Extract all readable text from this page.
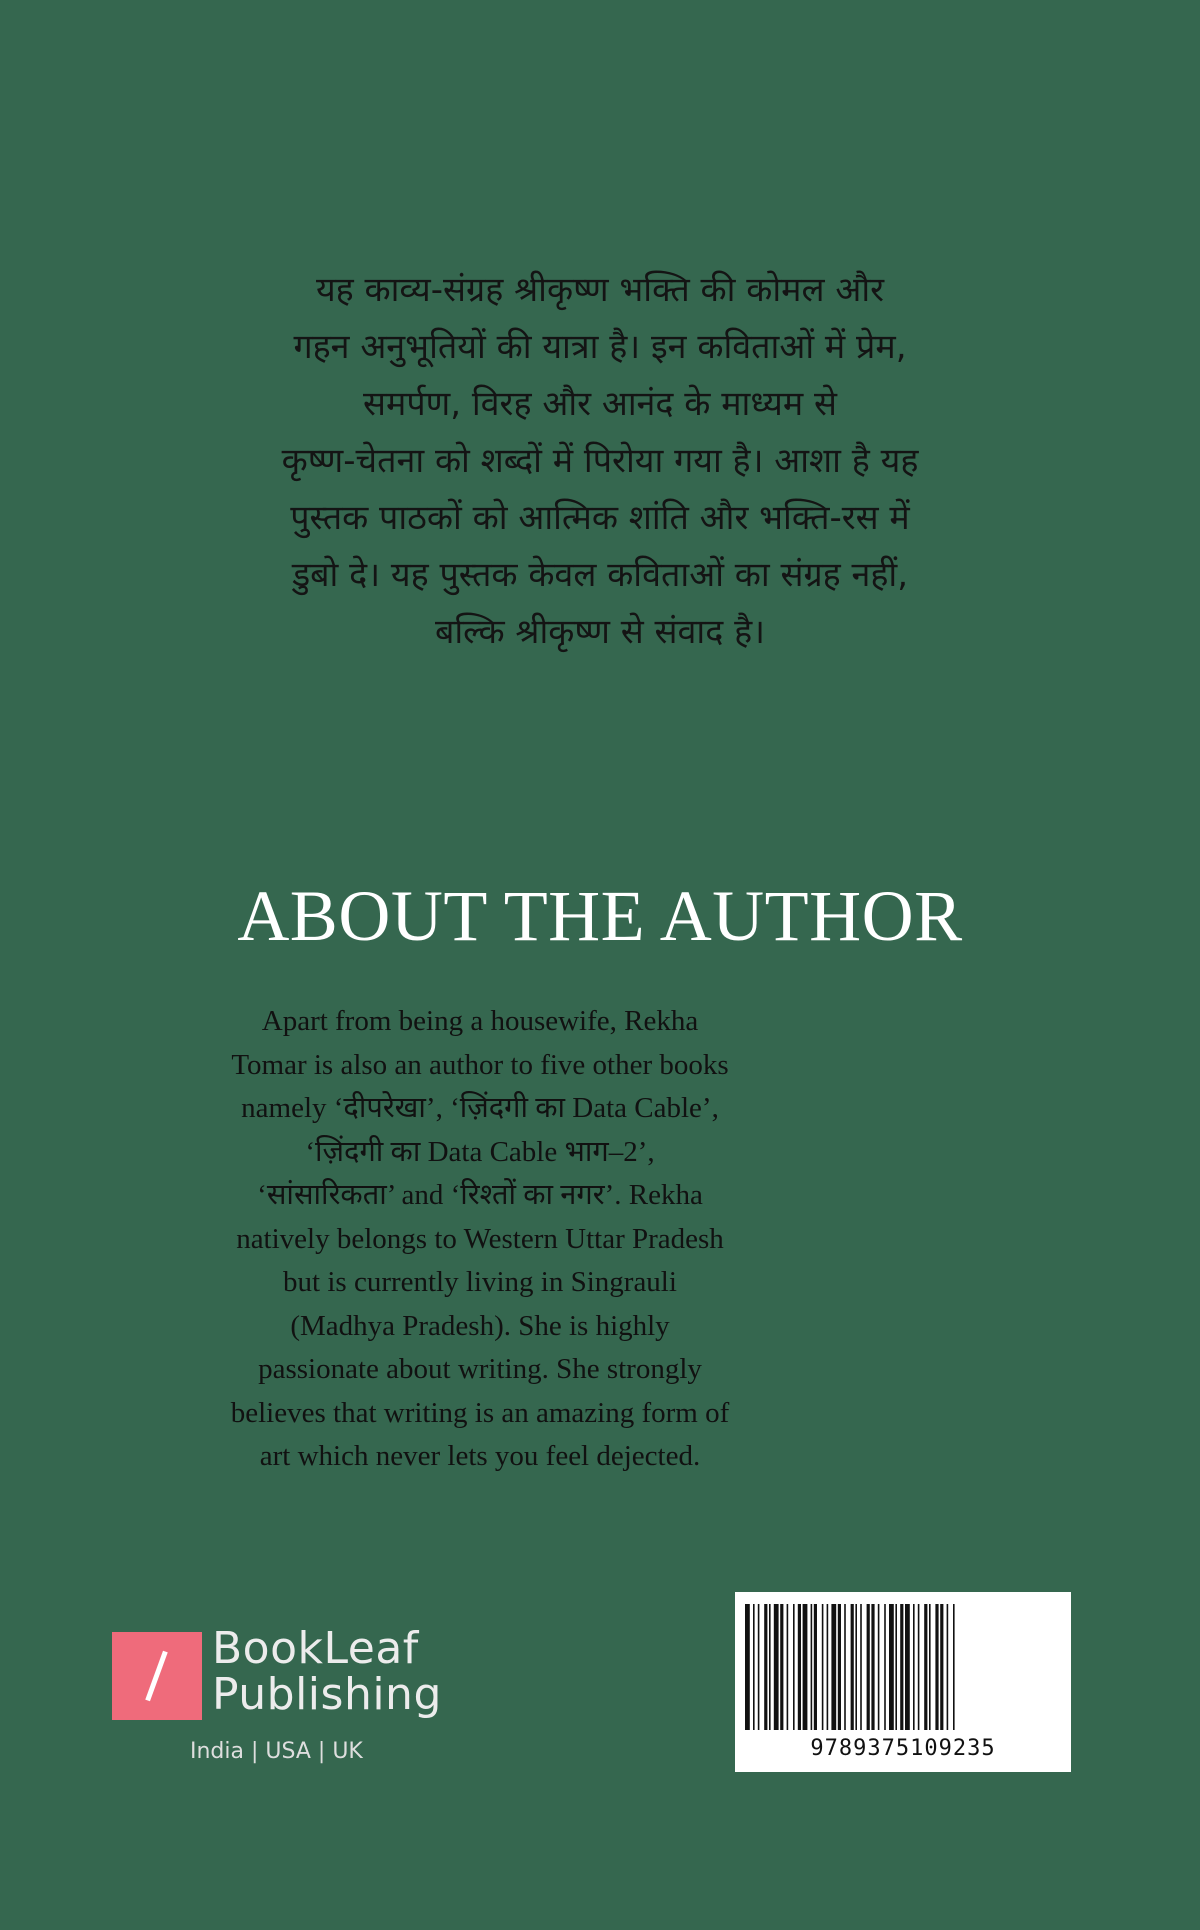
यह काव्य-संग्रह श्रीकृष्ण भक्ति की कोमल और
गहन अनुभूतियों की यात्रा है। इन कविताओं में प्रेम,
समर्पण, विरह और आनंद के माध्यम से
कृष्ण-चेतना को शब्दों में पिरोया गया है। आशा है यह
पुस्तक पाठकों को आत्मिक शांति और भक्ति-रस में
डुबो दे। यह पुस्तक केवल कविताओं का संग्रह नहीं,
बल्कि श्रीकृष्ण से संवाद है।
ABOUT THE AUTHOR
Apart from being a housewife, Rekha
Tomar is also an author to five other books
namely ‘दीपरेखा’, ‘ज़िंदगी का Data Cable’,
‘ज़िंदगी का Data Cable भाग–2’,
‘सांसारिकता’ and ‘रिश्तों का नगर’. Rekha
natively belongs to Western Uttar Pradesh
but is currently living in Singrauli
(Madhya Pradesh). She is highly
passionate about writing. She strongly
believes that writing is an amazing form of
art which never lets you feel dejected.
BookLeaf
Publishing
India | USA | UK	9789375109235
